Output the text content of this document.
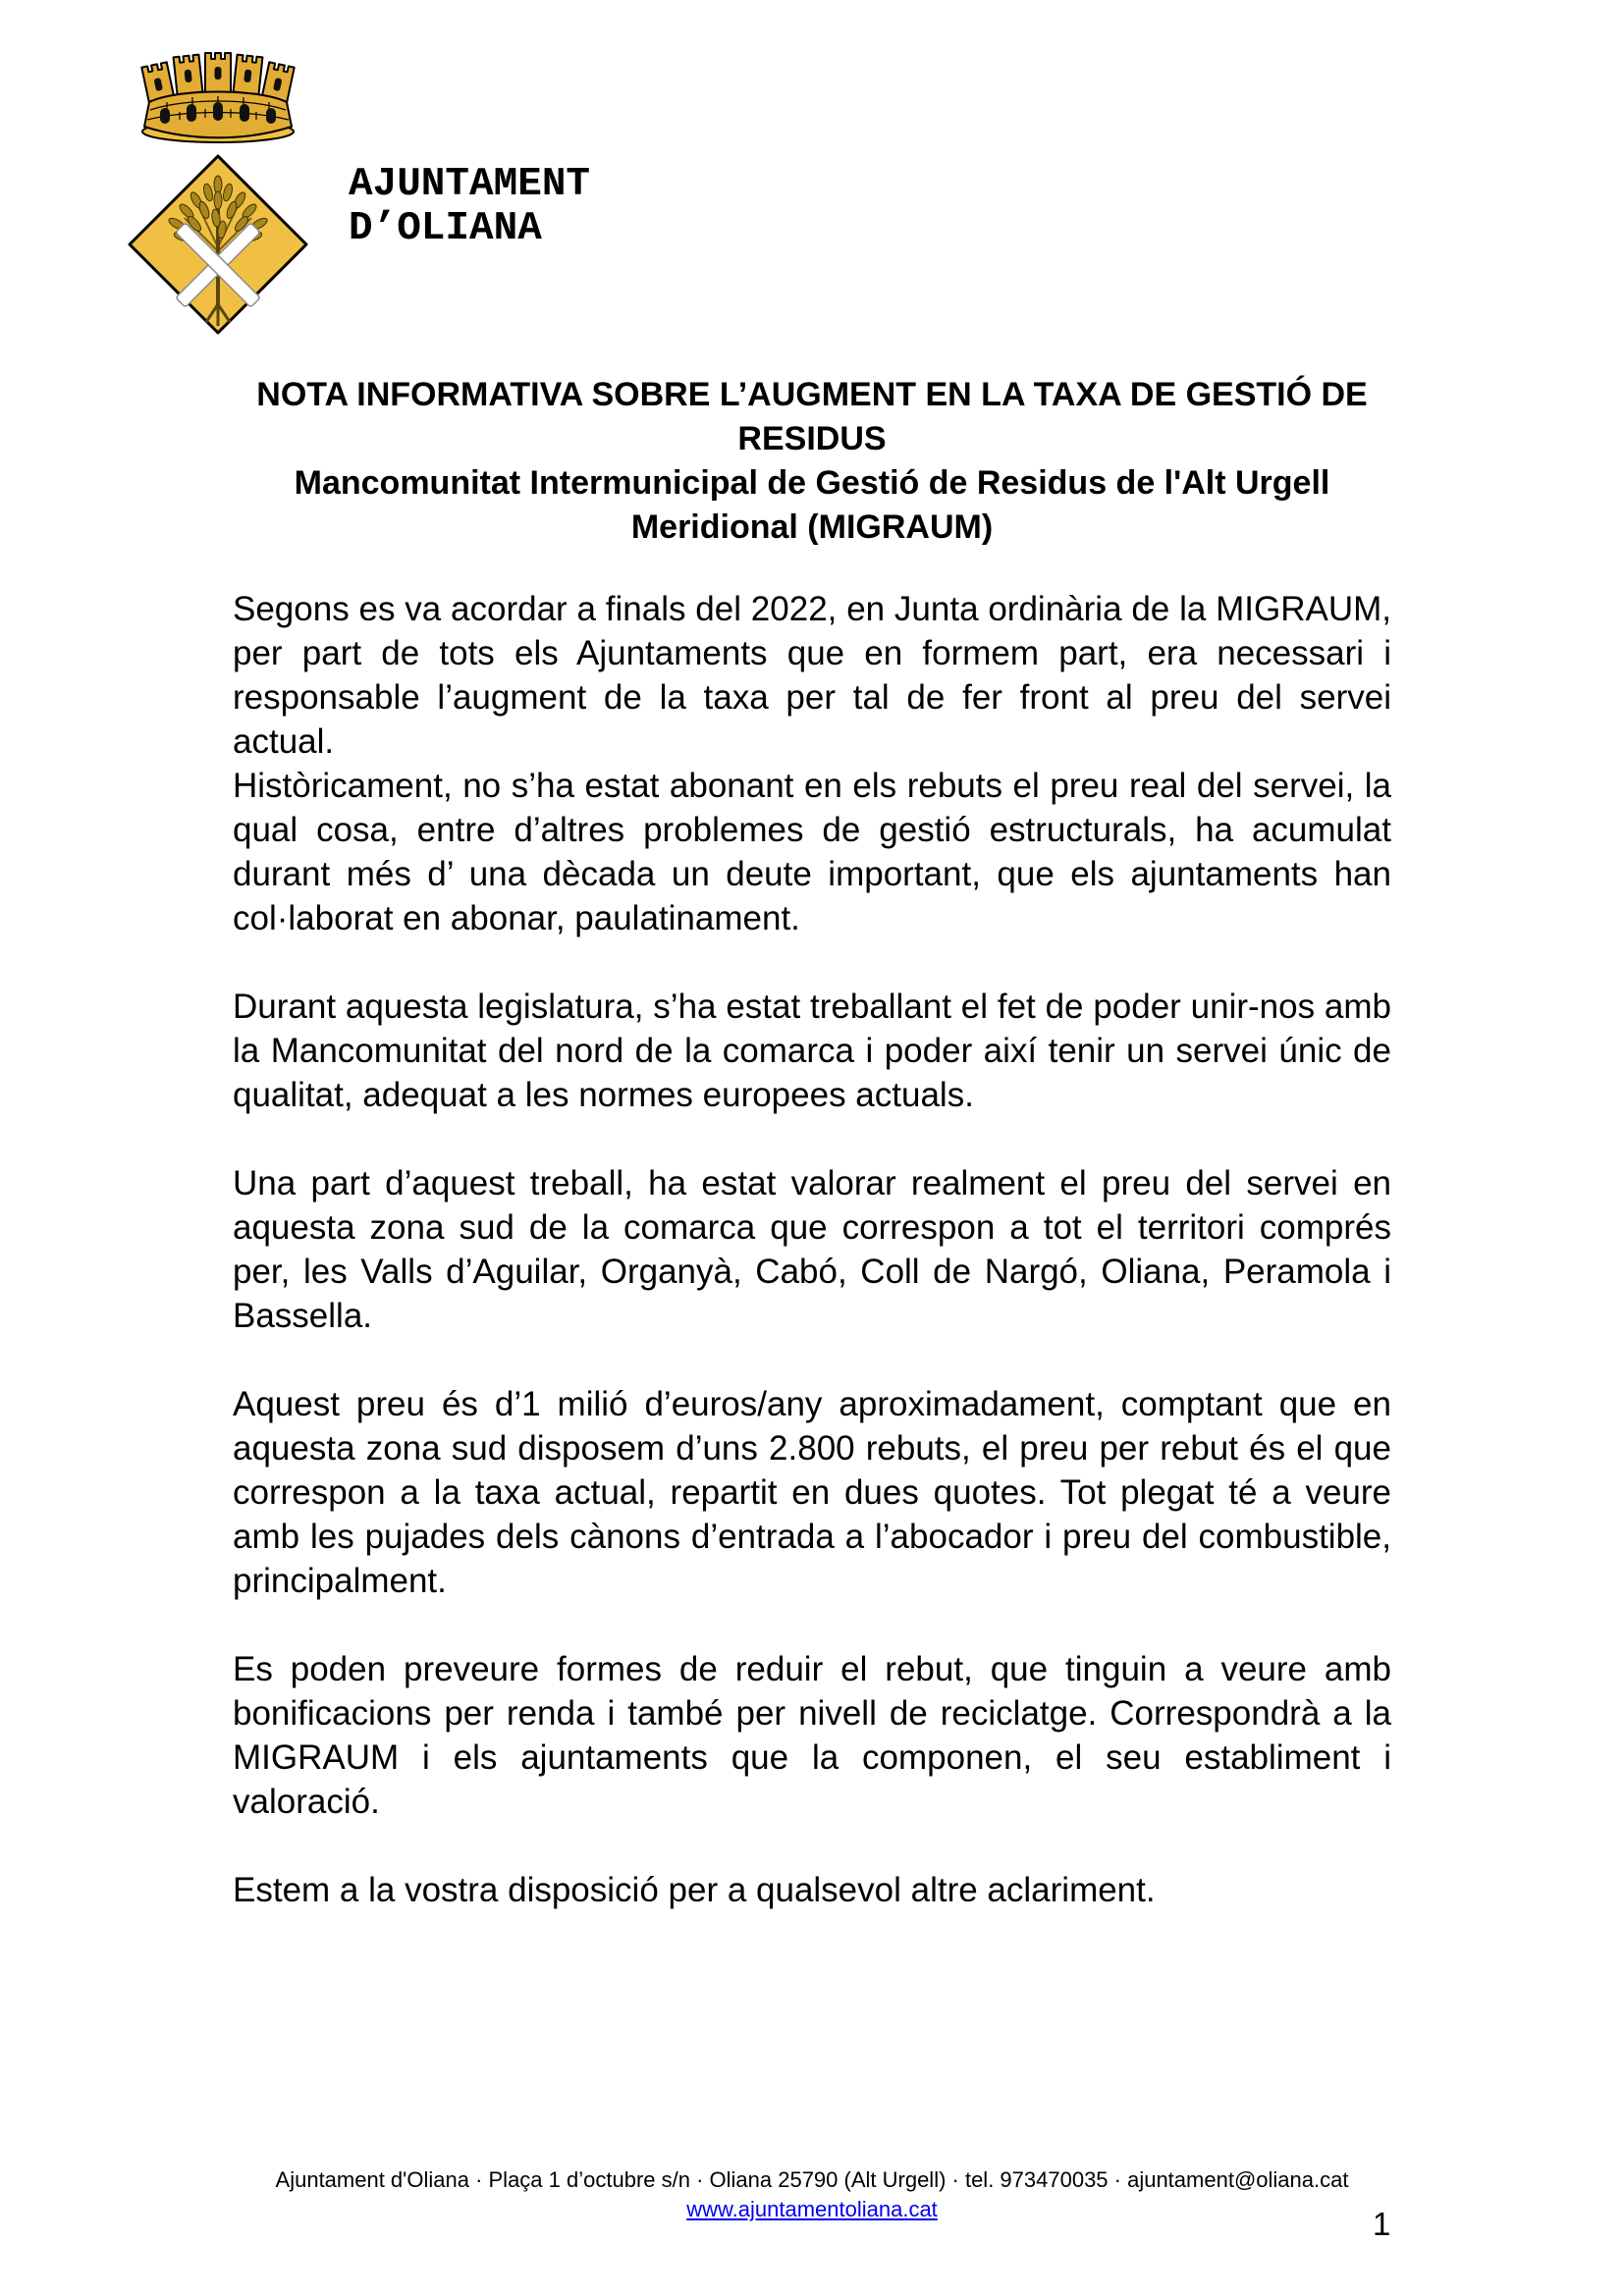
AJUNTAMENT
D’OLIANA
NOTA INFORMATIVA SOBRE L’AUGMENT EN LA TAXA DE GESTIÓ DE
RESIDUS
Mancomunitat Intermunicipal de Gestió de Residus de l'Alt Urgell
Meridional (MIGRAUM)

Segons es va acordar a finals del 2022, en Junta ordinària de la MIGRAUM, per part de tots els Ajuntaments que en formem part, era necessari i responsable l’augment de la taxa per tal de fer front al preu del servei actual.

Històricament, no s’ha estat abonant en els rebuts el preu real del servei, la qual cosa, entre d’altres problemes de gestió estructurals, ha acumulat durant més d’ una dècada un deute important, que els ajuntaments han col·laborat en abonar, paulatinament.

Durant aquesta legislatura, s’ha estat treballant el fet de poder unir-nos amb la Mancomunitat del nord de la comarca i poder així tenir un servei únic de qualitat, adequat a les normes europees actuals.

Una part d’aquest treball, ha estat valorar realment el preu del servei en aquesta zona sud de la comarca que correspon a tot el territori comprés per, les Valls d’Aguilar, Organyà, Cabó, Coll de Nargó, Oliana, Peramola i Bassella.

Aquest preu és d’1 milió d’euros/any aproximadament, comptant que en aquesta zona sud disposem d’uns 2.800 rebuts, el preu per rebut és el que correspon a la taxa actual, repartit en dues quotes. Tot plegat té a veure amb les pujades dels cànons d’entrada a l’abocador i preu del combustible, principalment.

Es poden preveure formes de reduir el rebut, que tinguin a veure amb bonificacions per renda i també per nivell de reciclatge. Correspondrà a la MIGRAUM i els ajuntaments que la componen, el seu establiment i valoració.

Estem a la vostra disposició per a qualsevol altre aclariment.

Ajuntament d'Oliana · Plaça 1 d’octubre s/n · Oliana 25790 (Alt Urgell) · tel. 973470035 · ajuntament@oliana.cat
www.ajuntamentoliana.cat	1
